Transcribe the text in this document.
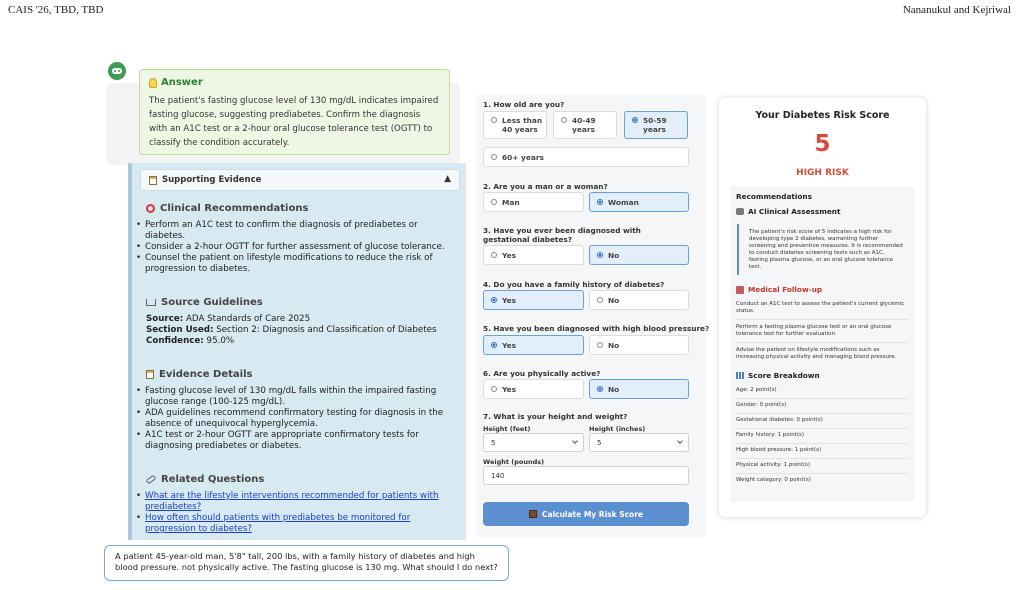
CAIS '26, TBD, TBD	Nananukul and Kejriwal
Answer
The patient's fasting glucose level of 130 mg/dL indicates impaired fasting glucose, suggesting prediabetes. Confirm the diagnosis with an A1C test or a 2-hour oral glucose tolerance test (OGTT) to classify the condition accurately.
Supporting Evidence	▲
Clinical Recommendations
• Perform an A1C test to confirm the diagnosis of prediabetes or diabetes.
• Consider a 2-hour OGTT for further assessment of glucose tolerance.
• Counsel the patient on lifestyle modifications to reduce the risk of progression to diabetes.
Source Guidelines
Source: ADA Standards of Care 2025
Section Used: Section 2: Diagnosis and Classification of Diabetes
Confidence: 95.0%
Evidence Details
• Fasting glucose level of 130 mg/dL falls within the impaired fasting glucose range (100-125 mg/dL).
• ADA guidelines recommend confirmatory testing for diagnosis in the absence of unequivocal hyperglycemia.
• A1C test or 2-hour OGTT are appropriate confirmatory tests for diagnosing prediabetes or diabetes.
Related Questions
• What are the lifestyle interventions recommended for patients with prediabetes?
• How often should patients with prediabetes be monitored for progression to diabetes?
A patient 45-year-old man, 5'8" tall, 200 lbs, with a family history of diabetes and high blood pressure. not physically active. The fasting glucose is 130 mg. What should I do next?
1. How old are you?
Less than 40 years
40-49 years
50-59 years
60+ years
2. Are you a man or a woman?
Man	Woman
3. Have you ever been diagnosed with gestational diabetes?
Yes	No
4. Do you have a family history of diabetes?
Yes	No
5. Have you been diagnosed with high blood pressure?
Yes	No
6. Are you physically active?
Yes	No
7. What is your height and weight?
Height (feet)
5
Height (inches)
5
Weight (pounds)
140
Calculate My Risk Score
Your Diabetes Risk Score
5
HIGH RISK
Recommendations
AI Clinical Assessment
The patient's risk score of 5 indicates a high risk for developing type 2 diabetes, warranting further screening and preventive measures. It is recommended to conduct diabetes screening tests such as A1C, fasting plasma glucose, or an oral glucose tolerance test.
Medical Follow-up
Conduct an A1C test to assess the patient's current glycemic status.
Perform a fasting plasma glucose test or an oral glucose tolerance test for further evaluation.
Advise the patient on lifestyle modifications such as increasing physical activity and managing blood pressure.
Score Breakdown
Age: 2 point(s)
Gender: 0 point(s)
Gestational diabetes: 0 point(s)
Family history: 1 point(s)
High blood pressure: 1 point(s)
Physical activity: 1 point(s)
Weight category: 0 point(s)
